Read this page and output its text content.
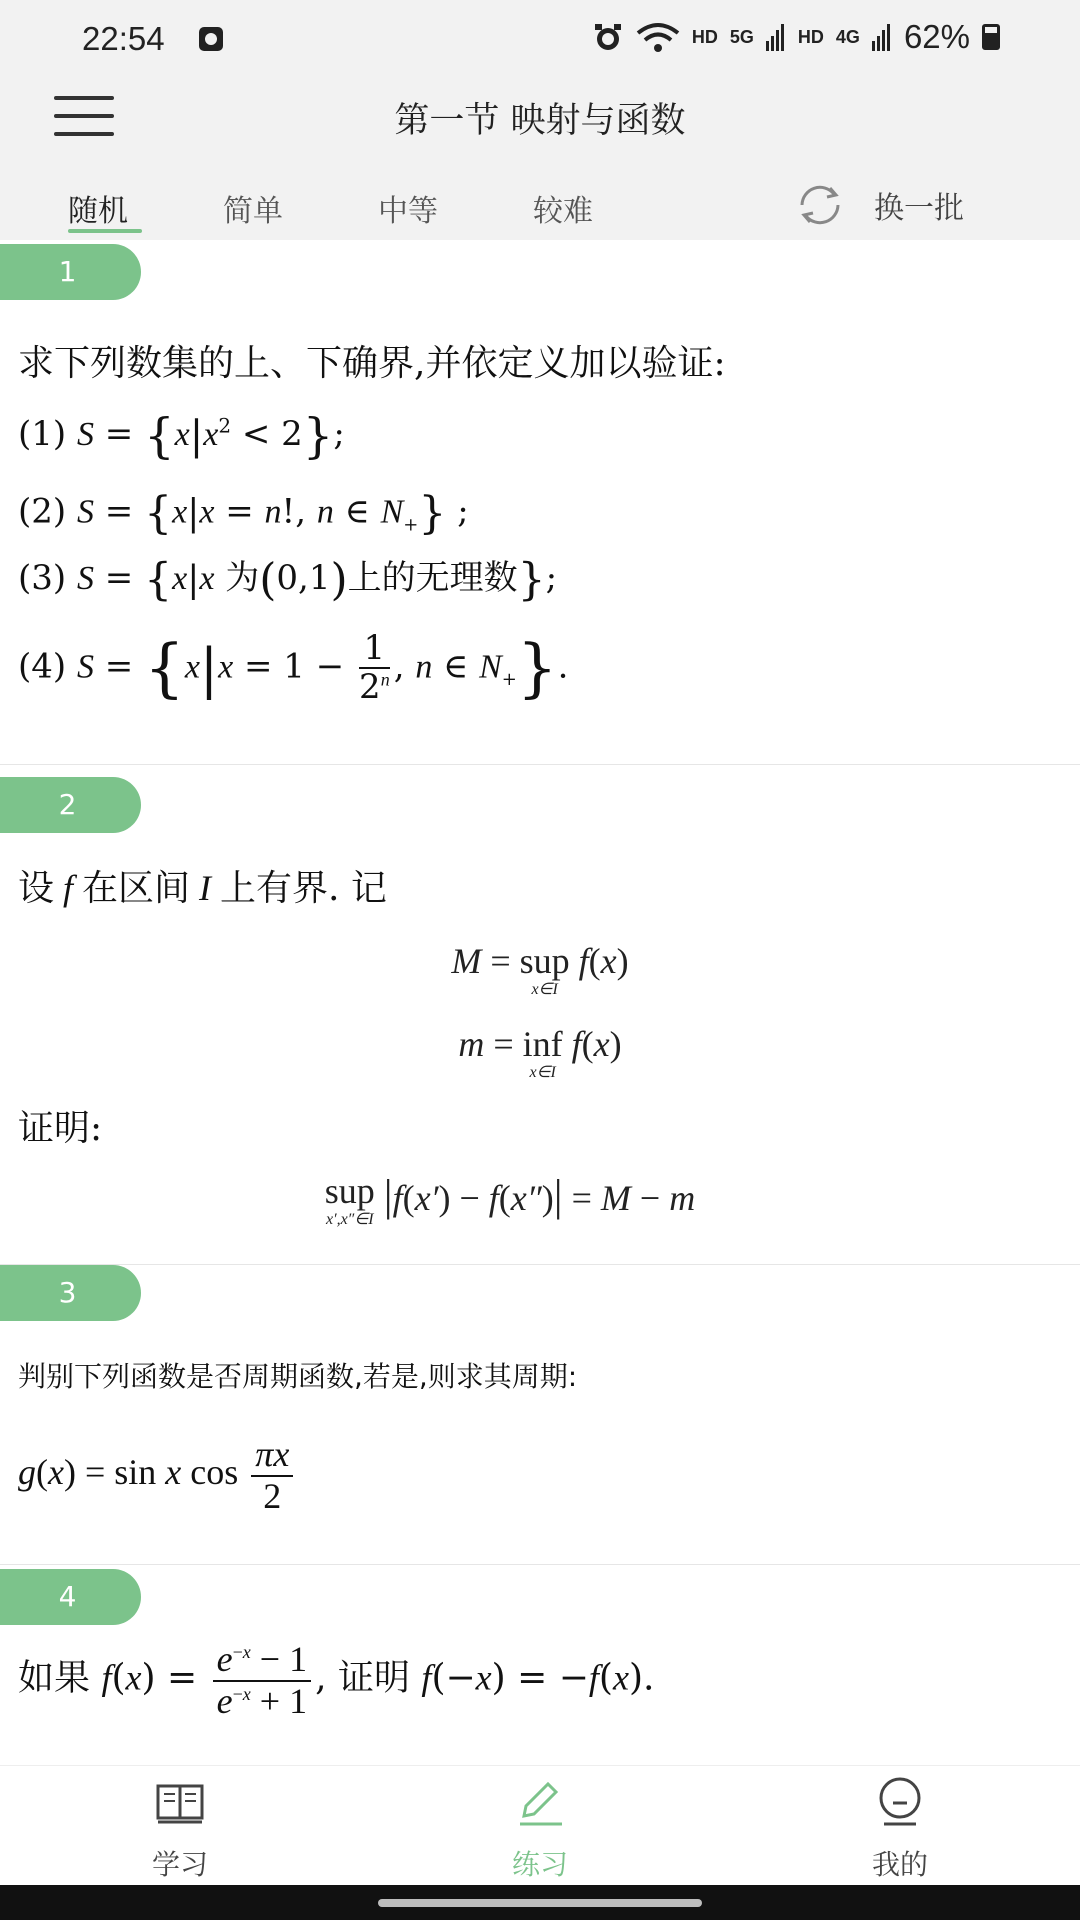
22:54	HD 5G HD 4G 62%
第一节 映射与函数
随机	简单	中等	较难	换一批
1
求下列数集的上、下确界,并依定义加以验证:
(1) $S = \{x|x^2 < 2\}$;
(2) S = {x|x = n!, n ∈ $N_+$} ;
(3) S = {x|x 为(0,1)上的无理数};
(4) $S = \{x|x = 1 - \frac{1}{2^n}$ , n ∈ $N_+$}.
2
设 f 在区间 I 上有界. 记
M = sup
x∈I
f(x)
m = inf
x∈I
f(x)
证明:
sup
x′,x″∈I |f(x′) − f(x″)| = M − m
3
判别下列函数是否周期函数,若是,则求其周期:
g(x) = sin x $\cos \frac{\pi x}{2}$
4
如果 $f(x) = \frac{e^{-x} - 1}{e^{-x} + 1}$ , 证明 f(−x) = −f(x).
学习	练习	我的
